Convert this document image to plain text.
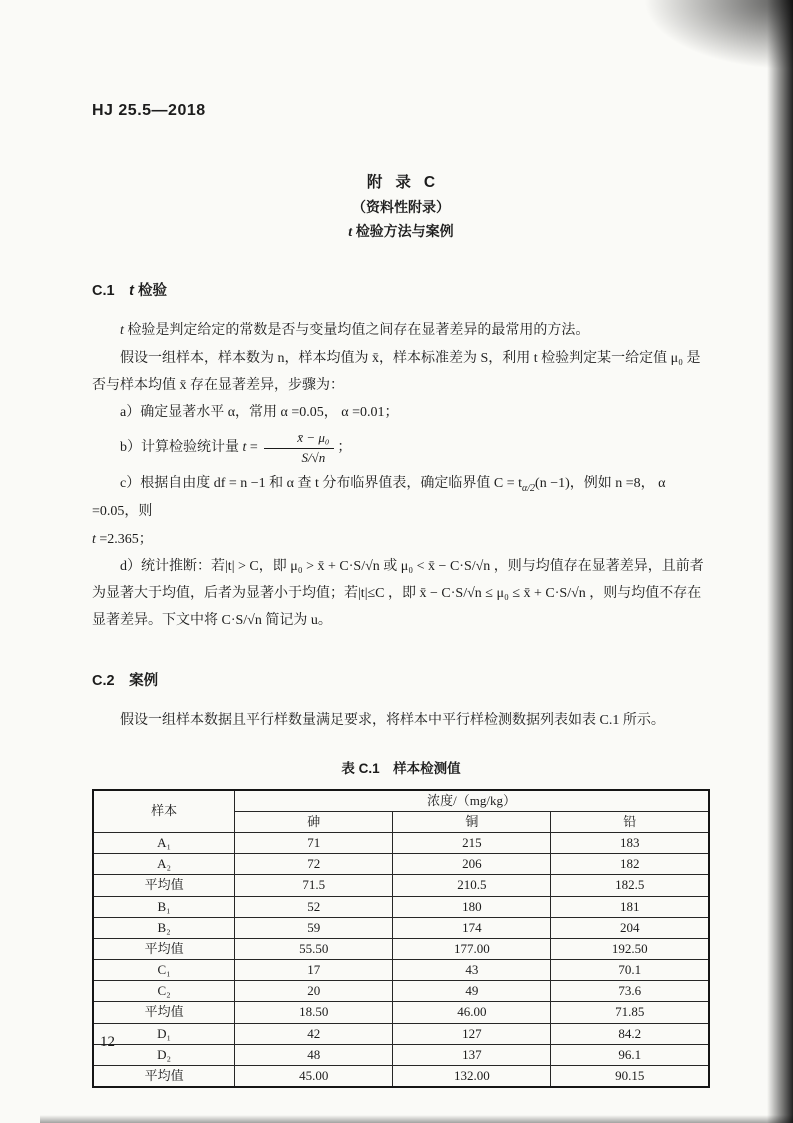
HJ 25.5—2018
附 录 C
（资料性附录）
t 检验方法与案例
C.1 t 检验

t 检验是判定给定的常数是否与变量均值之间存在显著差异的最常用的方法。

假设一组样本，样本数为 n，样本均值为 x̄，样本标准差为 S，利用 t 检验判定某一给定值 μ₀ 是否与样本均值 x̄ 存在显著差异，步骤为：

a）确定显著水平 α，常用 α =0.05， α =0.01；

b）计算检验统计量 $t = \frac{\text{x̄ − μ₀}}{S/√n}$ ；

c）根据自由度 df = n −1 和 α 查 t 分布临界值表，确定临界值 $C = t_{\alpha/2}(n -1)$，例如 n =8， α =0.05，则

t =2.365；

d）统计推断：若|t| > C，即 μ₀ > x̄ + C·S/√n 或 μ₀ < x̄ − C·S/√n ，则与均值存在显著差异，且前者为显著大于均值，后者为显著小于均值；若|t|≤C ，即 x̄ − C·S/√n ≤ μ₀ ≤ x̄ + C·S/√n ，则与均值不存在显著差异。下文中将 C·S/√n 简记为 u。

C.2 案例

假设一组样本数据且平行样数量满足要求，将样本中平行样检测数据列表如表 C.1 所示。

表 C.1　样本检测值
样本	浓度/（mg/kg）		
	砷	铜	铅
A₁	71	215	183
A₂	72	206	182
平均值	71.5	210.5	182.5
B₁	52	180	181
B₂	59	174	204
平均值	55.50	177.00	192.50
C₁	17	43	70.1
C₂	20	49	73.6
平均值	18.50	46.00	71.85
D₁	42	127	84.2
D₂	48	137	96.1
平均值	45.00	132.00	90.15
12
